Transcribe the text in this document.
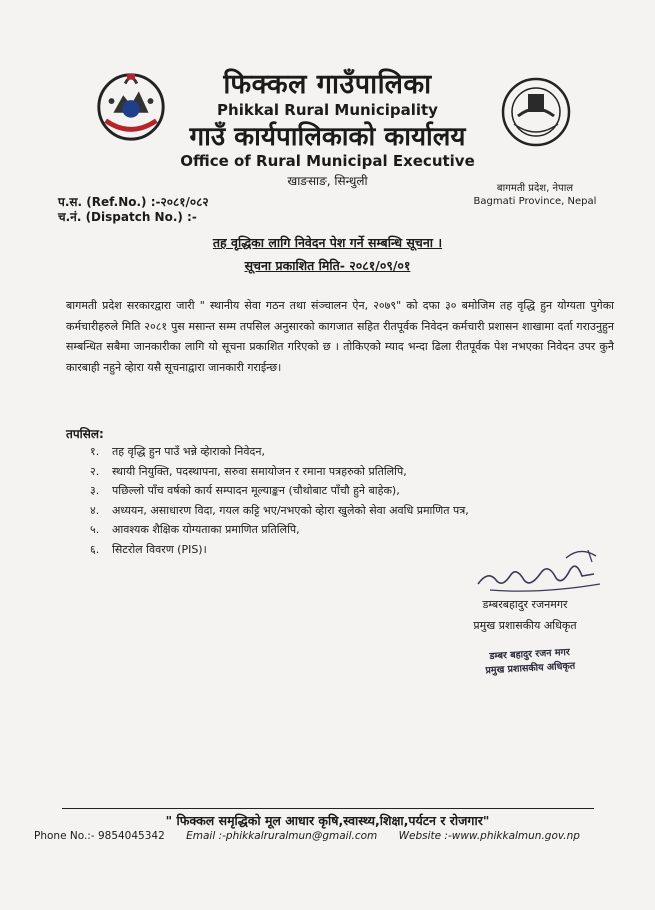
फिक्कल गाउँपालिका
Phikkal Rural Municipality
गाउँ कार्यपालिकाको कार्यालय
Office of Rural Municipal Executive
खाङसाङ, सिन्धुली
बागमती प्रदेश, नेपाल
Bagmati Province, Nepal
प.स. (Ref.No.) :-२०८१/०८२
च.नं. (Dispatch No.) :-
तह वृद्धिका लागि निवेदन पेश गर्ने सम्बन्धि सूचना ।
सूचना प्रकाशित मिति- २०८१/०९/०१
बागमती प्रदेश सरकारद्वारा जारी " स्थानीय सेवा गठन तथा संञ्चालन ऐन, २०७९" को दफा ३० बमोजिम तह वृद्धि हुन योग्यता पुगेका कर्मचारीहरुले मिति २०८१ पुस मसान्त सम्म तपसिल अनुसारको कागजात सहित रीतपूर्वक निवेदन कर्मचारी प्रशासन शाखामा दर्ता गराउनुहुन सम्बन्धित सबैमा जानकारीका लागि यो सूचना प्रकाशित गरिएको छ । तोकिएको म्याद भन्दा ढिला रीतपूर्वक पेश नभएका निवेदन उपर कुनै कारबाही नहुने व्हेारा यसै सूचनाद्वारा जानकारी गराईन्छ।
तपसिल:
१. तह वृद्धि हुन पाउँ भन्ने व्हेाराको निवेदन,
२. स्थायी नियुक्ति, पदस्थापना, सरुवा समायोजन र रमाना पत्रहरुको प्रतिलिपि,
३. पछिल्लो पाँच वर्षको कार्य सम्पादन मूल्याङ्कन (चौथोबाट पाँचौ हुने बाहेक),
४. अध्ययन, असाधारण विदा, गयल कट्टि भए/नभएको व्हेारा खुलेको सेवा अवधि प्रमाणित पत्र,
५. आवश्यक शैक्षिक योग्यताका प्रमाणित प्रतिलिपि,
६. सिटरोल विवरण (PIS)।
डम्बरबहादुर रजनमगर
प्रमुख प्रशासकीय अधिकृत
डम्बर बहादुर रजन मगर
प्रमुख प्रशासकीय अधिकृत
" फिक्कल समृद्धिको मूल आधार कृषि,स्वास्थ्य,शिक्षा,पर्यटन र रोजगार"
Phone No.:- 9854045342 Email :-phikkalruralmun@gmail.com Website :-www.phikkalmun.gov.np
